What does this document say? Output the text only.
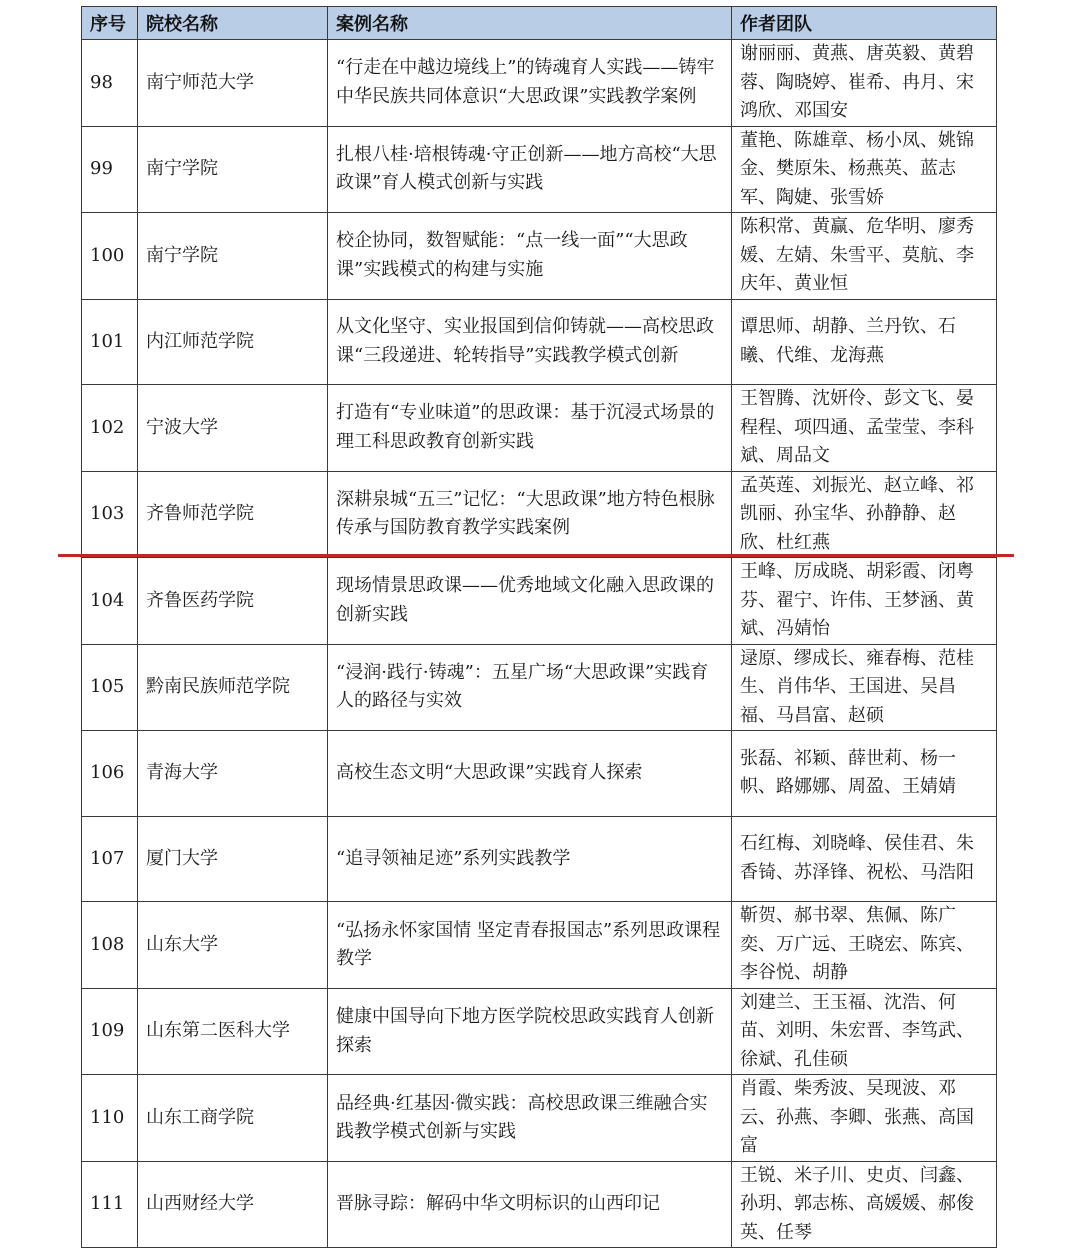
序号	院校名称	案例名称	作者团队
98	南宁师范大学	“行走在中越边境线上”的铸魂育人实践——铸牢中华民族共同体意识“大思政课”实践教学案例	谢丽丽、黄燕、唐英毅、黄碧蓉、陶晓婷、崔希、冉月、宋鸿欣、邓国安
99	南宁学院	扎根八桂·培根铸魂·守正创新——地方高校“大思政课”育人模式创新与实践	董艳、陈雄章、杨小凤、姚锦金、樊原朱、杨燕英、蓝志军、陶婕、张雪娇
100	南宁学院	校企协同，数智赋能：“点一线一面”“大思政课”实践模式的构建与实施	陈积常、黄赢、危华明、廖秀媛、左婧、朱雪平、莫航、李庆年、黄业恒
101	内江师范学院	从文化坚守、实业报国到信仰铸就——高校思政课“三段递进、轮转指导”实践教学模式创新	谭思师、胡静、兰丹钦、石曦、代维、龙海燕
102	宁波大学	打造有“专业味道”的思政课：基于沉浸式场景的理工科思政教育创新实践	王智腾、沈妍伶、彭文飞、晏程程、项四通、孟莹莹、李科斌、周品文
103	齐鲁师范学院	深耕泉城“五三”记忆：“大思政课”地方特色根脉传承与国防教育教学实践案例	孟英莲、刘振光、赵立峰、祁凯丽、孙宝华、孙静静、赵欣、杜红燕
104	齐鲁医药学院	现场情景思政课——优秀地域文化融入思政课的创新实践	王峰、厉成晓、胡彩霞、闭粤芬、翟宁、许伟、王梦涵、黄斌、冯婧怡
105	黔南民族师范学院	“浸润·践行·铸魂”：五星广场“大思政课”实践育人的路径与实效	逯原、缪成长、雍春梅、范桂生、肖伟华、王国进、吴昌福、马昌富、赵硕
106	青海大学	高校生态文明“大思政课”实践育人探索	张磊、祁颖、薛世莉、杨一帜、路娜娜、周盈、王婧婧
107	厦门大学	“追寻领袖足迹”系列实践教学	石红梅、刘晓峰、侯佳君、朱香锜、苏泽锋、祝松、马浩阳
108	山东大学	“弘扬永怀家国情 坚定青春报国志”系列思政课程教学	靳贺、郝书翠、焦佩、陈广奕、万广远、王晓宏、陈宾、李谷悦、胡静
109	山东第二医科大学	健康中国导向下地方医学院校思政实践育人创新探索	刘建兰、王玉福、沈浩、何苗、刘明、朱宏晋、李笃武、徐斌、孔佳硕
110	山东工商学院	品经典·红基因·微实践：高校思政课三维融合实践教学模式创新与实践	肖霞、柴秀波、吴现波、邓云、孙燕、李卿、张燕、高国富
111	山西财经大学	晋脉寻踪：解码中华文明标识的山西印记	王锐、米子川、史贞、闫鑫、孙玥、郭志栋、高媛媛、郝俊英、任琴
